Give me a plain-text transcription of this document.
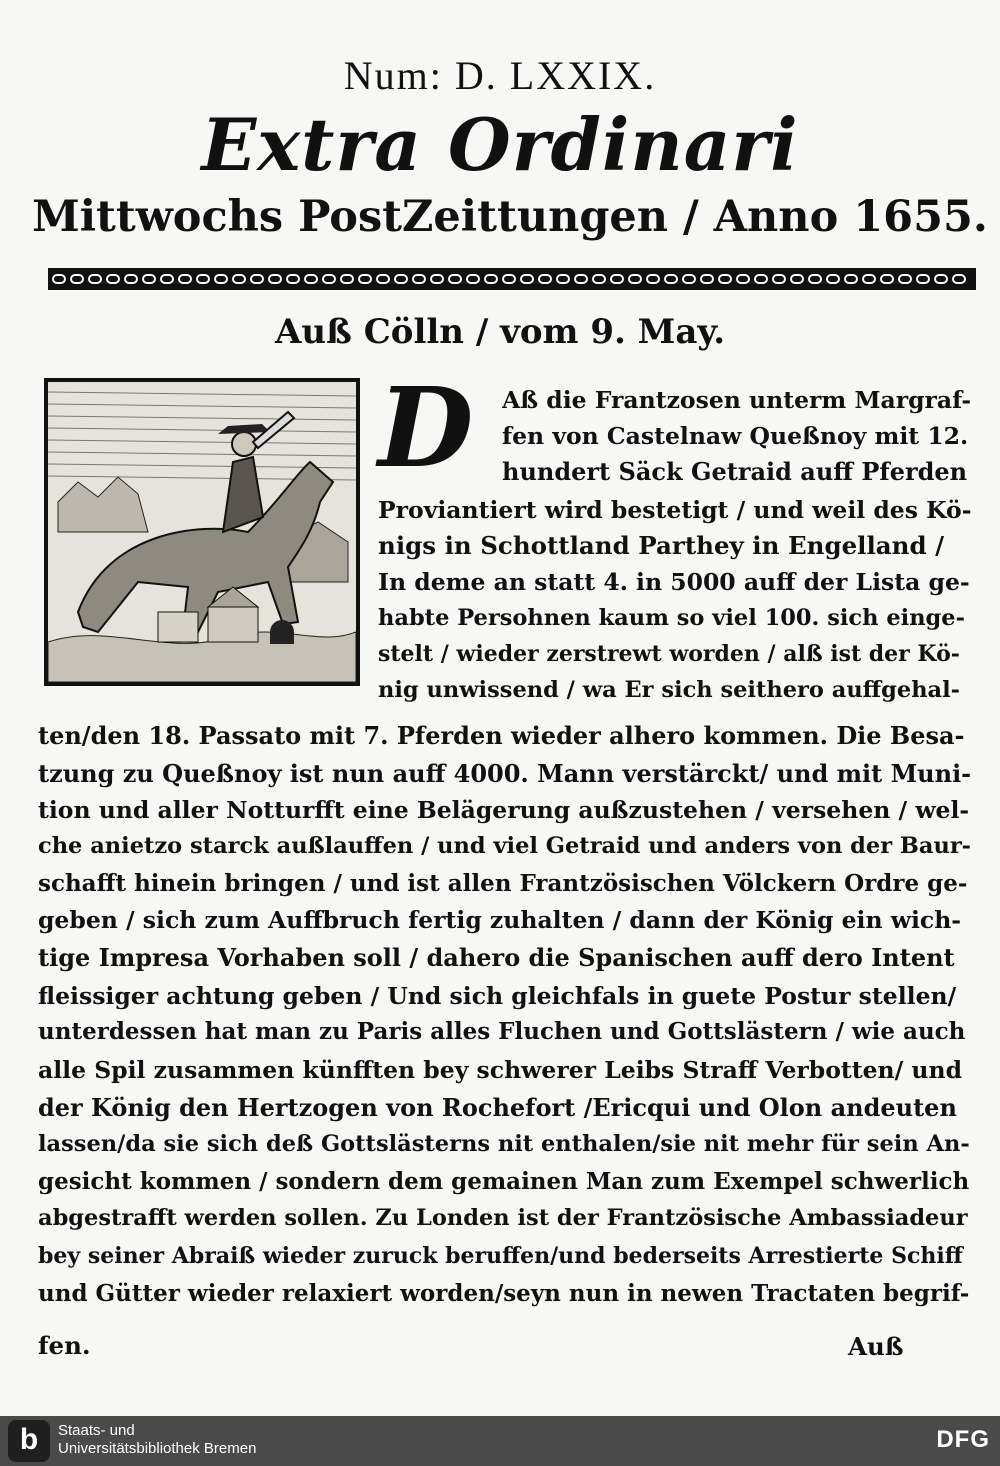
Num: D. LXXIX.
Extra Ordinari
Mittwochs PostZeittungen / Anno 1655.
Auß Cölln / vom 9. May.
D	Aß die Frantzosen unterm Margraf-
fen von Castelnaw Queßnoy mit 12.
hundert Säck Getraid auff Pferden
Proviantiert wird bestetigt / und weil des Kö-
nigs in Schottland Parthey in Engelland /
In deme an statt 4. in 5000 auff der Lista ge-
habte Persohnen kaum so viel 100. sich einge-
stelt / wieder zerstrewt worden / alß ist der Kö-
nig unwissend / wa Er sich seithero auffgehal-
ten/den 18. Passato mit 7. Pferden wieder alhero kommen. Die Besa-
tzung zu Queßnoy ist nun auff 4000. Mann verstärckt/ und mit Muni-
tion und aller Notturfft eine Belägerung außzustehen / versehen / wel-
che anietzo starck außlauffen / und viel Getraid und anders von der Baur-
schafft hinein bringen / und ist allen Frantzösischen Völckern Ordre ge-
geben / sich zum Auffbruch fertig zuhalten / dann der König ein wich-
tige Impresa Vorhaben soll / dahero die Spanischen auff dero Intent
fleissiger achtung geben / Und sich gleichfals in guete Postur stellen/
unterdessen hat man zu Paris alles Fluchen und Gottslästern / wie auch
alle Spil zusammen künfften bey schwerer Leibs Straff Verbotten/ und
der König den Hertzogen von Rochefort /Ericqui und Olon andeuten
lassen/da sie sich deß Gottslästerns nit enthalen/sie nit mehr für sein An-
gesicht kommen / sondern dem gemainen Man zum Exempel schwerlich
abgestrafft werden sollen. Zu Londen ist der Frantzösische Ambassiadeur
bey seiner Abraiß wieder zuruck beruffen/und bederseits Arrestierte Schiff
und Gütter wieder relaxiert worden/seyn nun in newen Tractaten begrif-
fen.	Auß
b	Staats- und
Universitätsbibliothek Bremen	DFG
